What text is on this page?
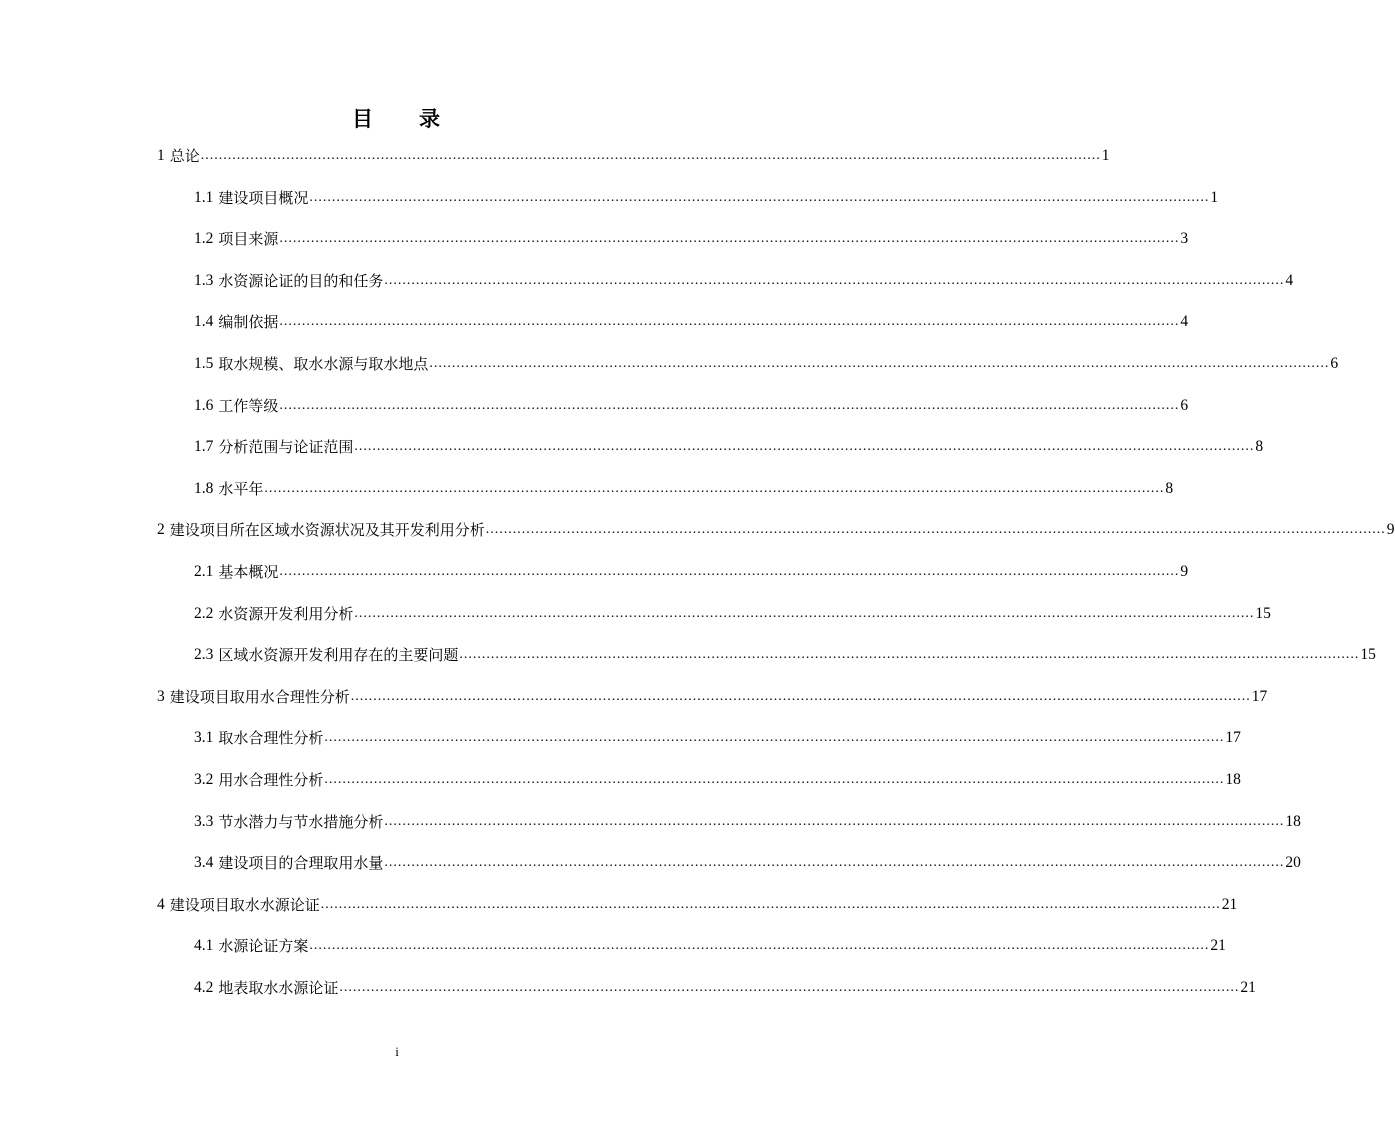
目 录
1 总论 ........................................................................................................................................................................................................ 1
1.1 建设项目概况 ........................................................................................................................................................................................................ 1
1.2 项目来源 ........................................................................................................................................................................................................ 3
1.3 水资源论证的目的和任务 ........................................................................................................................................................................................................ 4
1.4 编制依据 ........................................................................................................................................................................................................ 4
1.5 取水规模、取水水源与取水地点 ........................................................................................................................................................................................................ 6
1.6 工作等级 ........................................................................................................................................................................................................ 6
1.7 分析范围与论证范围 ........................................................................................................................................................................................................ 8
1.8 水平年 ........................................................................................................................................................................................................ 8
2 建设项目所在区域水资源状况及其开发利用分析 ........................................................................................................................................................................................................ 9
2.1 基本概况 ........................................................................................................................................................................................................ 9
2.2 水资源开发利用分析 ........................................................................................................................................................................................................ 15
2.3 区域水资源开发利用存在的主要问题 ........................................................................................................................................................................................................ 15
3 建设项目取用水合理性分析 ........................................................................................................................................................................................................ 17
3.1 取水合理性分析 ........................................................................................................................................................................................................ 17
3.2 用水合理性分析 ........................................................................................................................................................................................................ 18
3.3 节水潜力与节水措施分析 ........................................................................................................................................................................................................ 18
3.4 建设项目的合理取用水量 ........................................................................................................................................................................................................ 20
4 建设项目取水水源论证 ........................................................................................................................................................................................................ 21
4.1 水源论证方案 ........................................................................................................................................................................................................ 21
4.2 地表取水水源论证 ........................................................................................................................................................................................................ 21
i
